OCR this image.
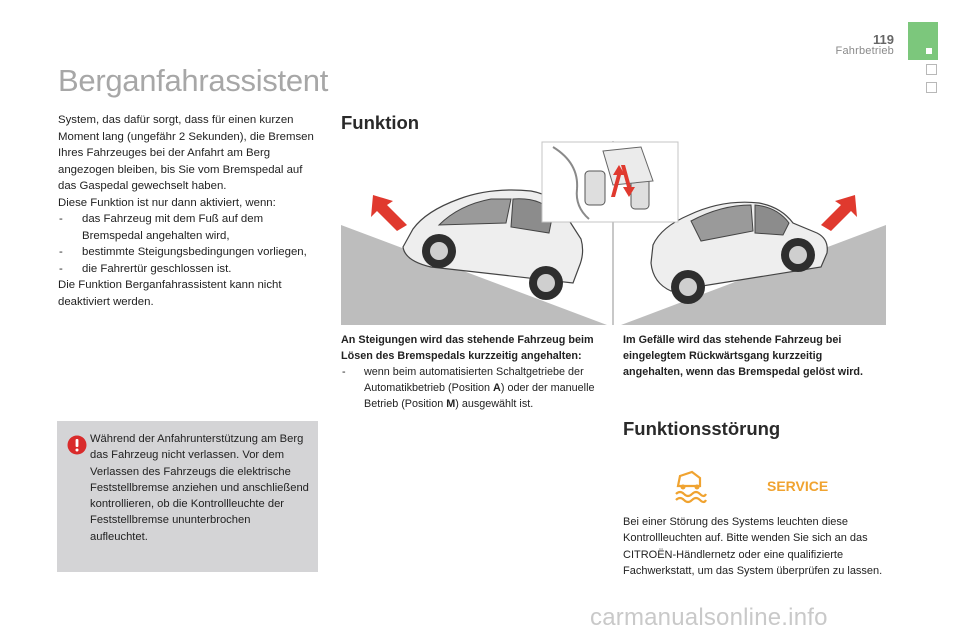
119
Fahrbetrieb
Berganfahrassistent

System, das dafür sorgt, dass für einen kurzen Moment lang (ungefähr 2 Sekunden), die Bremsen Ihres Fahrzeuges bei der Anfahrt am Berg angezogen bleiben, bis Sie vom Bremspedal auf das Gaspedal gewechselt haben.

Diese Funktion ist nur dann aktiviert, wenn:

- das Fahrzeug mit dem Fuß auf dem Bremspedal angehalten wird,
- bestimmte Steigungsbedingungen vorliegen,
- die Fahrertür geschlossen ist.

Die Funktion Berganfahrassistent kann nicht deaktiviert werden.

Während der Anfahrunterstützung am Berg das Fahrzeug nicht verlassen. Vor dem Verlassen des Fahrzeugs die elektrische Feststellbremse anziehen und anschließend kontrollieren, ob die Kontrollleuchte der Feststellbremse ununterbrochen aufleuchtet.
Funktion
An Steigungen wird das stehende Fahrzeug beim Lösen des Bremspedals kurzzeitig angehalten:
- wenn beim automatisierten Schaltgetriebe der Automatikbetrieb (Position A) oder der manuelle Betrieb (Position M) ausgewählt ist.
Im Gefälle wird das stehende Fahrzeug bei eingelegtem Rückwärtsgang kurzzeitig angehalten, wenn das Bremspedal gelöst wird.
Funktionsstörung
SERVICE
Bei einer Störung des Systems leuchten diese Kontrollleuchten auf. Bitte wenden Sie sich an das CITROËN-Händlernetz oder eine qualifizierte Fachwerkstatt, um das System überprüfen zu lassen.
carmanualsonline.info
